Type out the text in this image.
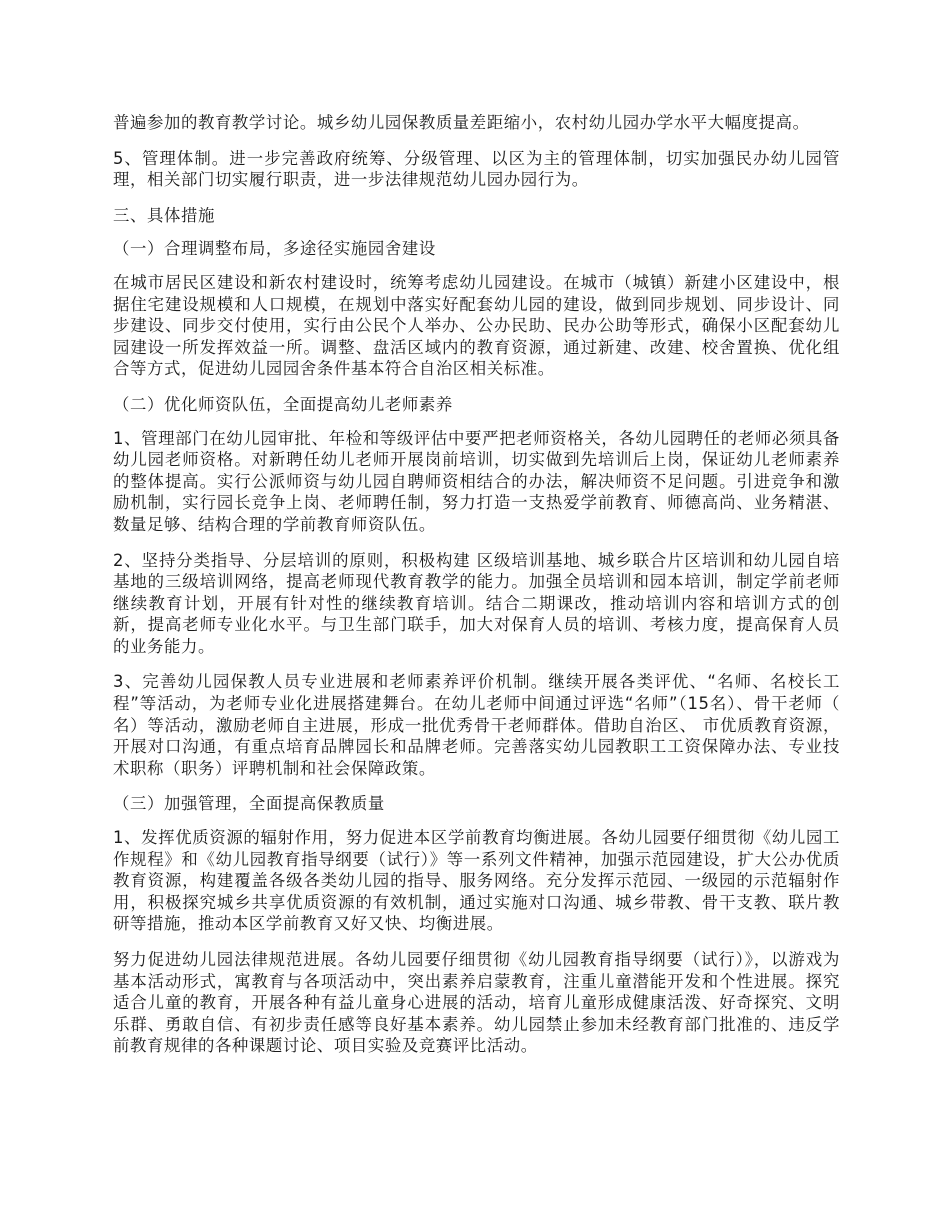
普遍参加的教育教学讨论。城乡幼儿园保教质量差距缩小，农村幼儿园办学水平大幅度提高。

5、管理体制。进一步完善政府统筹、分级管理、以区为主的管理体制，切实加强民办幼儿园管理，相关部门切实履行职责，进一步法律规范幼儿园办园行为。

三、具体措施

（一）合理调整布局，多途径实施园舍建设

在城市居民区建设和新农村建设时，统筹考虑幼儿园建设。在城市（城镇）新建小区建设中，根据住宅建设规模和人口规模，在规划中落实好配套幼儿园的建设，做到同步规划、同步设计、同步建设、同步交付使用，实行由公民个人举办、公办民助、民办公助等形式，确保小区配套幼儿园建设一所发挥效益一所。调整、盘活区域内的教育资源，通过新建、改建、校舍置换、优化组合等方式，促进幼儿园园舍条件基本符合自治区相关标准。

（二）优化师资队伍，全面提高幼儿老师素养

1、管理部门在幼儿园审批、年检和等级评估中要严把老师资格关，各幼儿园聘任的老师必须具备幼儿园老师资格。对新聘任幼儿老师开展岗前培训，切实做到先培训后上岗，保证幼儿老师素养的整体提高。实行公派师资与幼儿园自聘师资相结合的办法，解决师资不足问题。引进竞争和激励机制，实行园长竞争上岗、老师聘任制，努力打造一支热爱学前教育、师德高尚、业务精湛、数量足够、结构合理的学前教育师资队伍。

2、坚持分类指导、分层培训的原则，积极构建 区级培训基地、城乡联合片区培训和幼儿园自培基地的三级培训网络，提高老师现代教育教学的能力。加强全员培训和园本培训，制定学前老师继续教育计划，开展有针对性的继续教育培训。结合二期课改，推动培训内容和培训方式的创新，提高老师专业化水平。与卫生部门联手，加大对保育人员的培训、考核力度，提高保育人员的业务能力。

3、完善幼儿园保教人员专业进展和老师素养评价机制。继续开展各类评优、“名师、名校长工程”等活动，为老师专业化进展搭建舞台。在幼儿老师中间通过评选“名师”（15名）、骨干老师（ 名）等活动，激励老师自主进展，形成一批优秀骨干老师群体。借助自治区、 市优质教育资源，开展对口沟通，有重点培育品牌园长和品牌老师。完善落实幼儿园教职工工资保障办法、专业技术职称（职务）评聘机制和社会保障政策。

（三）加强管理，全面提高保教质量

1、发挥优质资源的辐射作用，努力促进本区学前教育均衡进展。各幼儿园要仔细贯彻《幼儿园工作规程》和《幼儿园教育指导纲要（试行）》等一系列文件精神，加强示范园建设，扩大公办优质教育资源，构建覆盖各级各类幼儿园的指导、服务网络。充分发挥示范园、一级园的示范辐射作用，积极探究城乡共享优质资源的有效机制，通过实施对口沟通、城乡带教、骨干支教、联片教研等措施，推动本区学前教育又好又快、均衡进展。

努力促进幼儿园法律规范进展。各幼儿园要仔细贯彻《幼儿园教育指导纲要（试行）》，以游戏为基本活动形式，寓教育与各项活动中，突出素养启蒙教育，注重儿童潜能开发和个性进展。探究适合儿童的教育，开展各种有益儿童身心进展的活动，培育儿童形成健康活泼、好奇探究、文明乐群、勇敢自信、有初步责任感等良好基本素养。幼儿园禁止参加未经教育部门批准的、违反学前教育规律的各种课题讨论、项目实验及竞赛评比活动。
